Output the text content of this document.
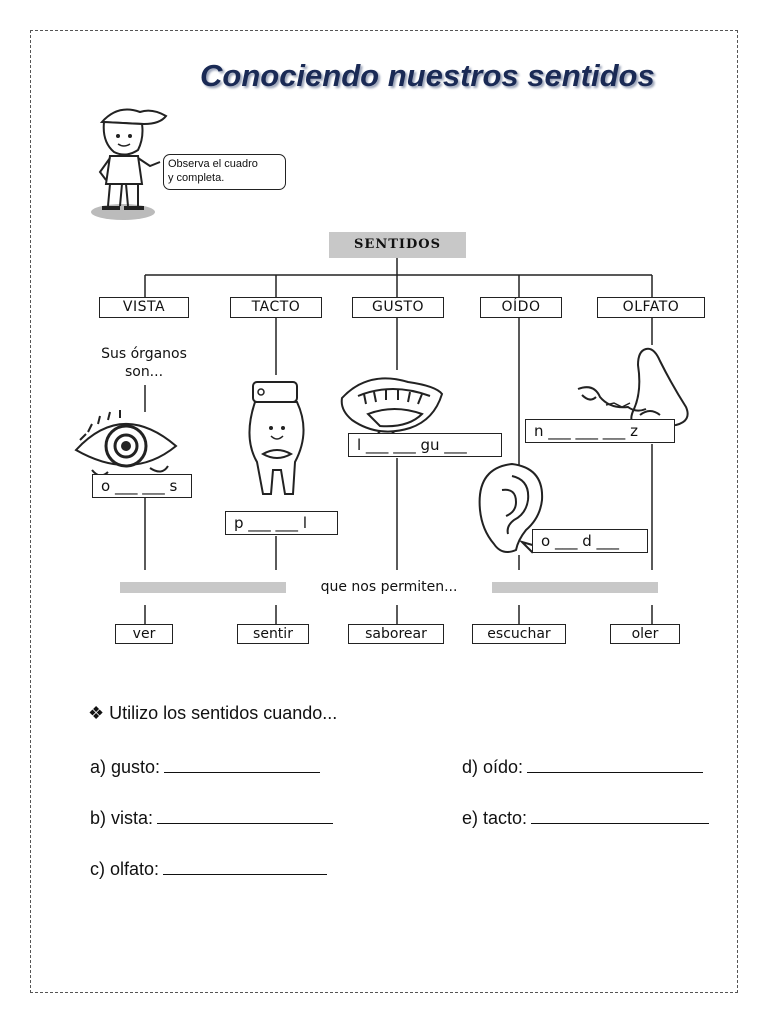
Conociendo nuestros sentidos
Observa el cuadro
y completa.
SENTIDOS
VISTA	TACTO	GUSTO	OÍDO	OLFATO
Sus órganos
son...
o ___ ___ s
p ___ ___ l
l ___ ___ gu ___
n ___ ___ ___ z
o ___ d ___
que nos permiten...
ver	sentir	saborear	escuchar	oler
❖ Utilizo los sentidos cuando...
a) gusto:
b) vista:
c) olfato:
d) oído:
e) tacto:
